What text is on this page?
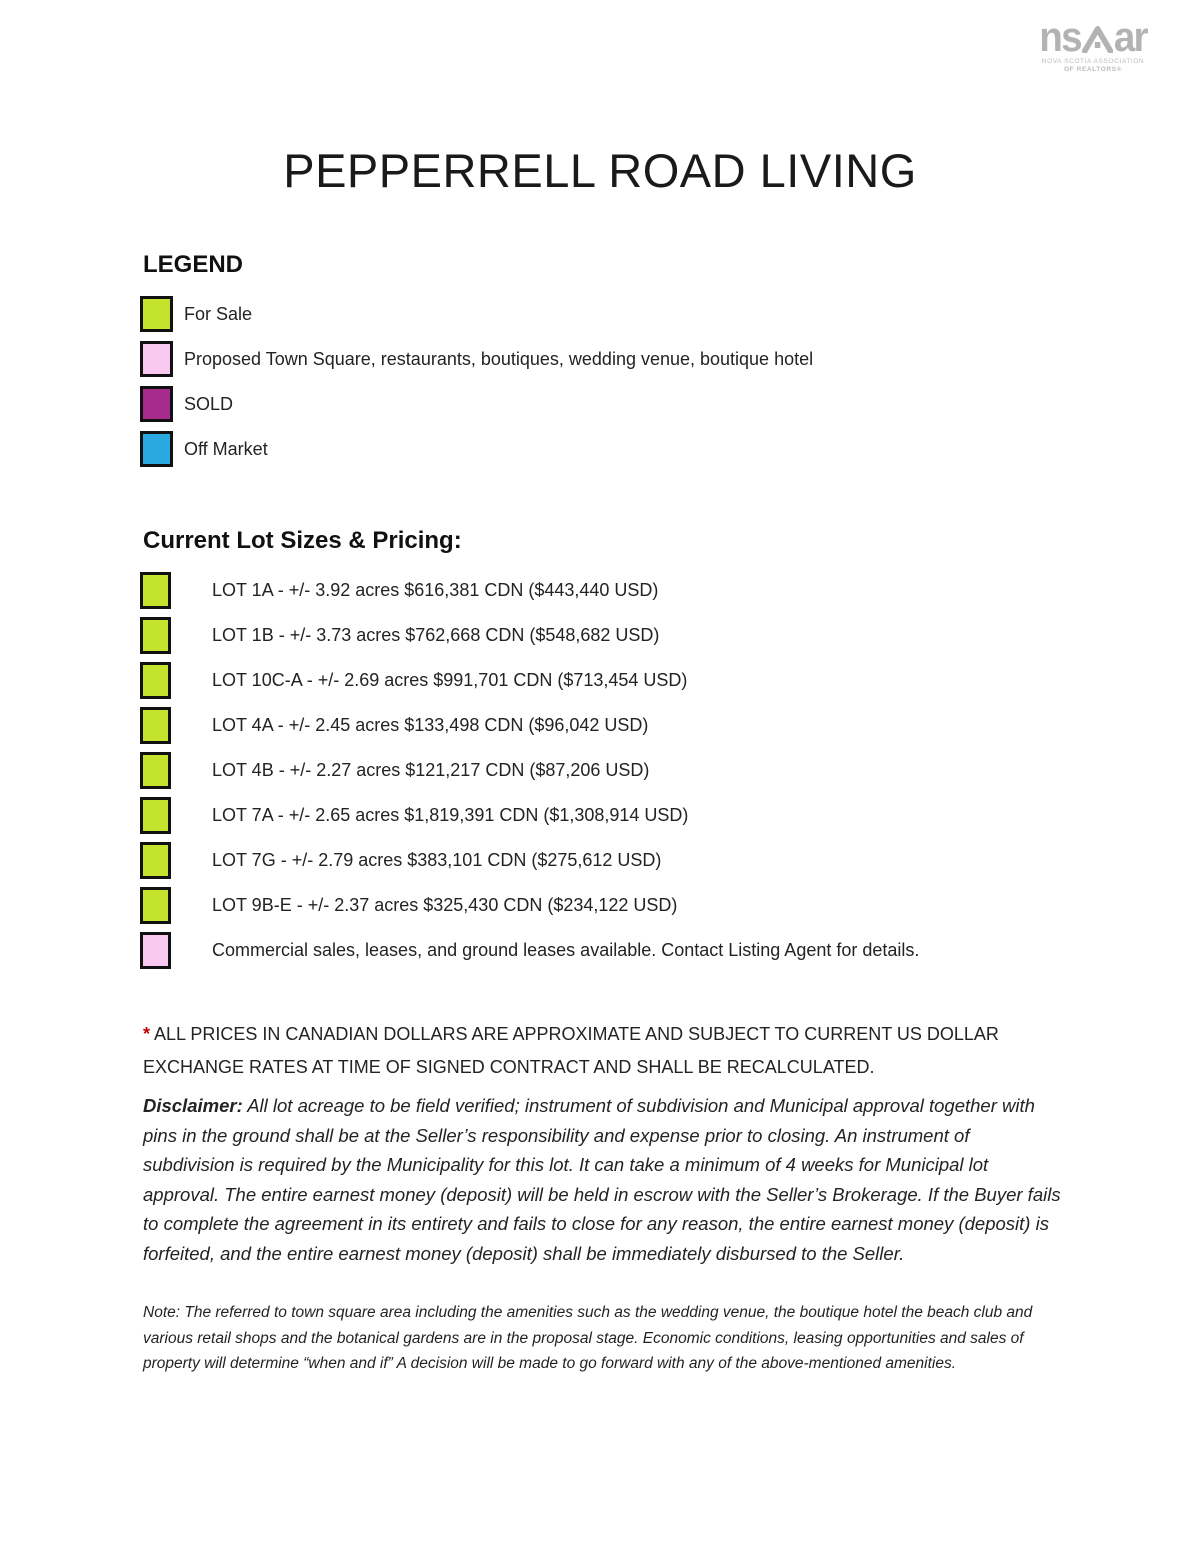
ns ar
NOVA SCOTIA ASSOCIATION
OF REALTORS®
PEPPERRELL ROAD LIVING
LEGEND
For Sale
Proposed Town Square, restaurants, boutiques, wedding venue, boutique hotel
SOLD
Off Market
Current Lot Sizes & Pricing:
LOT 1A - +/- 3.92 acres $616,381 CDN ($443,440 USD)
LOT 1B - +/- 3.73 acres $762,668 CDN ($548,682 USD)
LOT 10C-A - +/- 2.69 acres $991,701 CDN ($713,454 USD)
LOT 4A - +/- 2.45 acres $133,498 CDN ($96,042 USD)
LOT 4B - +/- 2.27 acres $121,217 CDN ($87,206 USD)
LOT 7A - +/- 2.65 acres $1,819,391 CDN ($1,308,914 USD)
LOT 7G - +/- 2.79 acres $383,101 CDN ($275,612 USD)
LOT 9B-E - +/- 2.37 acres $325,430 CDN ($234,122 USD)
Commercial sales, leases, and ground leases available. Contact Listing Agent for details.

* ALL PRICES IN CANADIAN DOLLARS ARE APPROXIMATE AND SUBJECT TO CURRENT US DOLLAR EXCHANGE RATES AT TIME OF SIGNED CONTRACT AND SHALL BE RECALCULATED.

Disclaimer: All lot acreage to be field verified; instrument of subdivision and Municipal approval together with pins in the ground shall be at the Seller’s responsibility and expense prior to closing. An instrument of subdivision is required by the Municipality for this lot. It can take a minimum of 4 weeks for Municipal lot approval. The entire earnest money (deposit) will be held in escrow with the Seller’s Brokerage. If the Buyer fails to complete the agreement in its entirety and fails to close for any reason, the entire earnest money (deposit) is forfeited, and the entire earnest money (deposit) shall be immediately disbursed to the Seller.

Note: The referred to town square area including the amenities such as the wedding venue, the boutique hotel the beach club and various retail shops and the botanical gardens are in the proposal stage. Economic conditions, leasing opportunities and sales of property will determine “when and if” A decision will be made to go forward with any of the above-mentioned amenities.
